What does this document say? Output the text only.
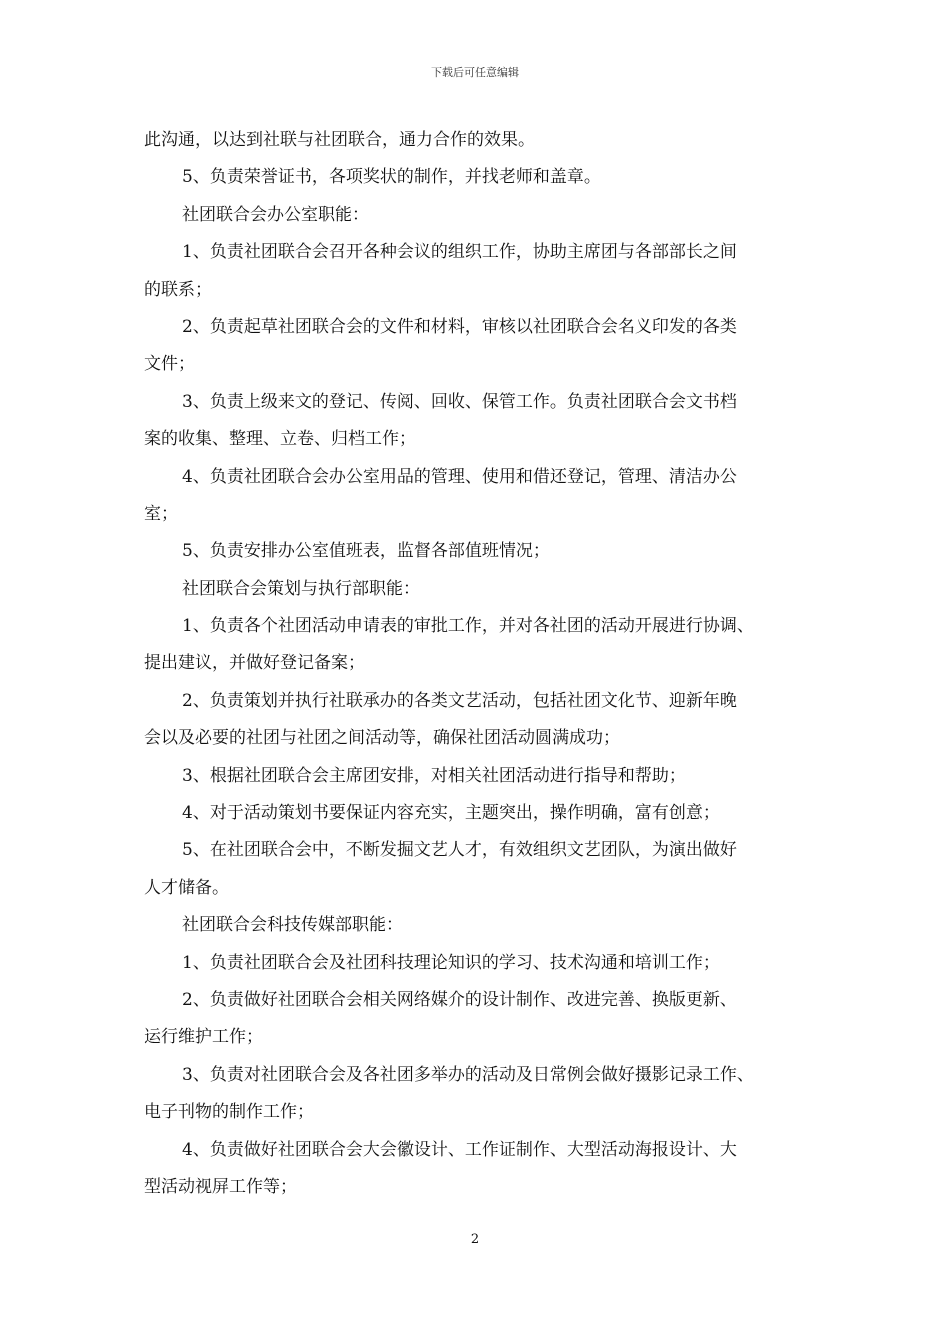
下载后可任意编辑
此沟通，以达到社联与社团联合，通力合作的效果。
5、负责荣誉证书，各项奖状的制作，并找老师和盖章。
社团联合会办公室职能：
1、负责社团联合会召开各种会议的组织工作，协助主席团与各部部长之间
的联系；
2、负责起草社团联合会的文件和材料，审核以社团联合会名义印发的各类
文件；
3、负责上级来文的登记、传阅、回收、保管工作。负责社团联合会文书档
案的收集、整理、立卷、归档工作；
4、负责社团联合会办公室用品的管理、使用和借还登记，管理、清洁办公
室；
5、负责安排办公室值班表，监督各部值班情况；
社团联合会策划与执行部职能：
1、负责各个社团活动申请表的审批工作，并对各社团的活动开展进行协调、
提出建议，并做好登记备案；
2、负责策划并执行社联承办的各类文艺活动，包括社团文化节、迎新年晚
会以及必要的社团与社团之间活动等，确保社团活动圆满成功；
3、根据社团联合会主席团安排，对相关社团活动进行指导和帮助；
4、对于活动策划书要保证内容充实，主题突出，操作明确，富有创意；
5、在社团联合会中，不断发掘文艺人才，有效组织文艺团队，为演出做好
人才储备。
社团联合会科技传媒部职能：
1、负责社团联合会及社团科技理论知识的学习、技术沟通和培训工作；
2、负责做好社团联合会相关网络媒介的设计制作、改进完善、换版更新、
运行维护工作；
3、负责对社团联合会及各社团多举办的活动及日常例会做好摄影记录工作、
电子刊物的制作工作；
4、负责做好社团联合会大会徽设计、工作证制作、大型活动海报设计、大
型活动视屏工作等；
2
